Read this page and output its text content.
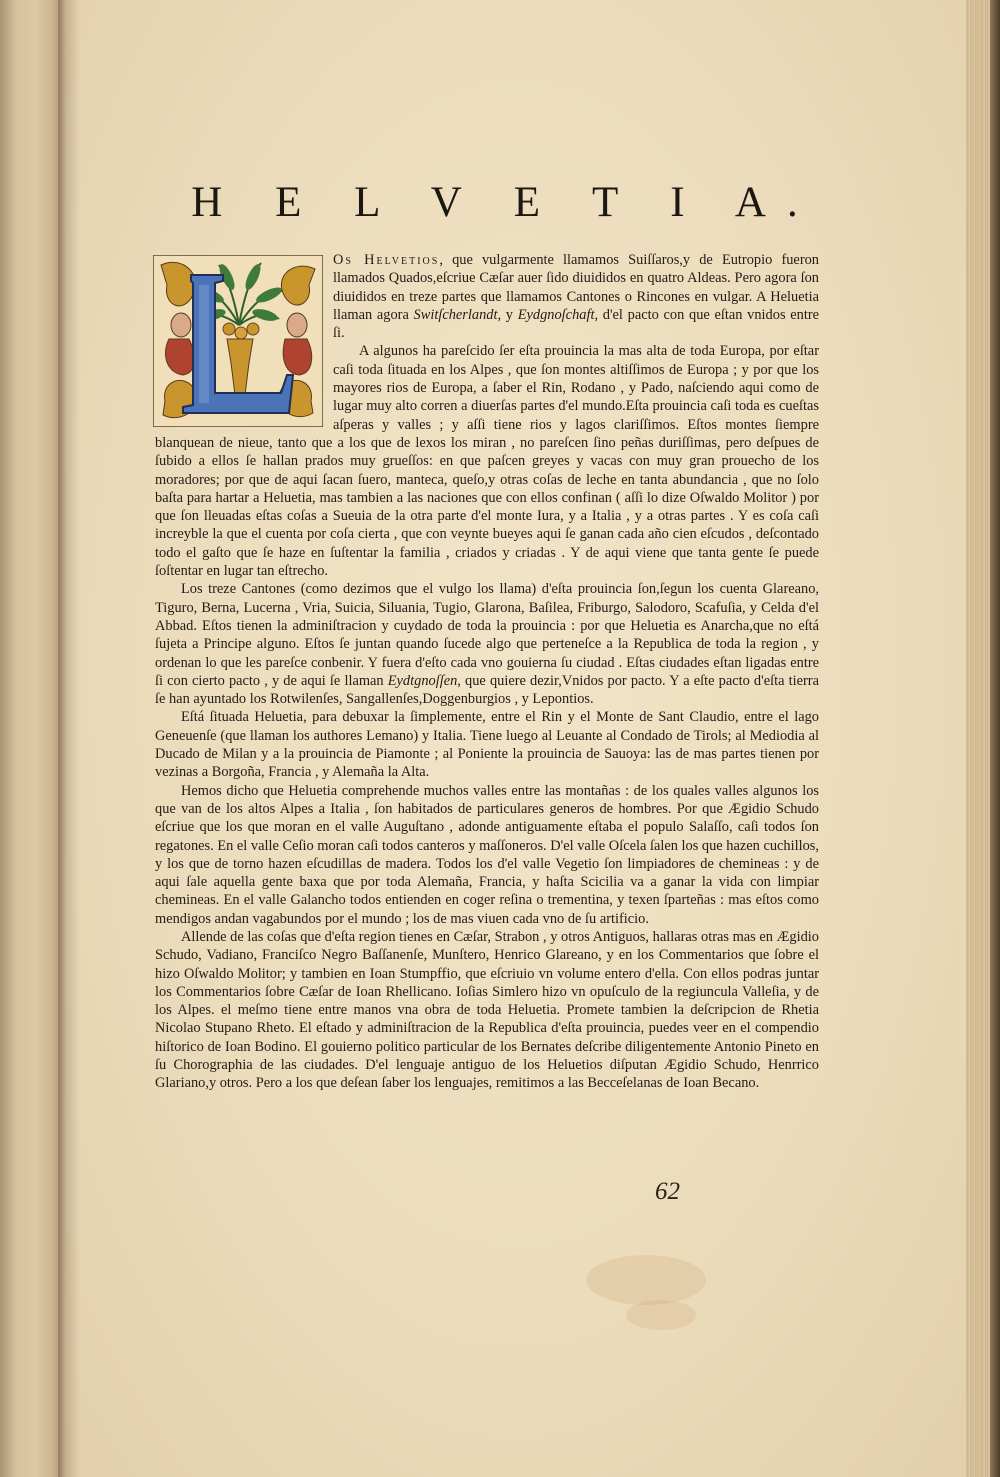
H E L V E T I A.

Os Helvetios, que vulgarmente llamamos Suiſſaros,y de Eutropio fueron llamados Quados,eſcriue Cæſar auer ſido diuididos en quatro Aldeas. Pero agora ſon diuididos en treze partes que llamamos Cantones o Rincones en vulgar. A Heluetia llaman agora Switſcherlandt, y Eydgnoſchaft, d'el pacto con que eſtan vnidos entre ſi.

A algunos ha pareſcido ſer eſta prouincia la mas alta de toda Europa, por eſtar caſi toda ſituada en los Alpes , que ſon montes altiſſimos de Europa ; y por que los mayores rios de Europa, a ſaber el Rin, Rodano , y Pado, naſciendo aqui como de lugar muy alto corren a diuerſas partes d'el mundo.Eſta prouincia caſi toda es cueſtas aſperas y valles ; y aſſi tiene rios y lagos clariſſimos. Eſtos montes ſiempre blanquean de nieue, tanto que a los que de lexos los miran , no pareſcen ſino peñas duriſſimas, pero deſpues de ſubido a ellos ſe hallan prados muy grueſſos: en que paſcen greyes y vacas con muy gran prouecho de los moradores; por que de aqui ſacan ſuero, manteca, queſo,y otras coſas de leche en tanta abundancia , que no ſolo baſta para hartar a Heluetia, mas tambien a las naciones que con ellos confinan ( aſſi lo dize Oſwaldo Molitor ) por que ſon lleuadas eſtas coſas a Sueuia de la otra parte d'el monte Iura, y a Italia , y a otras partes . Y es coſa caſi increyble la que el cuenta por coſa cierta , que con veynte bueyes aqui ſe ganan cada año cien eſcudos , deſcontado todo el gaſto que ſe haze en ſuſtentar la familia , criados y criadas . Y de aqui viene que tanta gente ſe puede ſoſtentar en lugar tan eſtrecho.

Los treze Cantones (como dezimos que el vulgo los llama) d'eſta prouincia ſon,ſegun los cuenta Glareano, Tiguro, Berna, Lucerna , Vria, Suicia, Siluania, Tugio, Glarona, Baſilea, Friburgo, Salodoro, Scafuſia, y Celda d'el Abbad. Eſtos tienen la adminiſtracion y cuydado de toda la prouincia : por que Heluetia es Anarcha,que no eſtá ſujeta a Principe alguno. Eſtos ſe juntan quando ſucede algo que perteneſce a la Republica de toda la region , y ordenan lo que les pareſce conbenir. Y fuera d'eſto cada vno gouierna ſu ciudad . Eſtas ciudades eſtan ligadas entre ſi con cierto pacto , y de aqui ſe llaman Eydtgnoſſen, que quiere dezir,Vnidos por pacto. Y a eſte pacto d'eſta tierra ſe han ayuntado los Rotwilenſes, Sangallenſes,Doggenburgios , y Lepontios.

Eſtá ſituada Heluetia, para debuxar la ſimplemente, entre el Rin y el Monte de Sant Claudio, entre el lago Geneuenſe (que llaman los authores Lemano) y Italia. Tiene luego al Leuante al Condado de Tirols; al Mediodia al Ducado de Milan y a la prouincia de Piamonte ; al Poniente la prouincia de Sauoya: las de mas partes tienen por vezinas a Borgoña, Francia , y Alemaña la Alta.

Hemos dicho que Heluetia comprehende muchos valles entre las montañas : de los quales valles algunos los que van de los altos Alpes a Italia , ſon habitados de particulares generos de hombres. Por que Ægidio Schudo eſcriue que los que moran en el valle Auguſtano , adonde antiguamente eſtaba el populo Salaſſo, caſi todos ſon regatones. En el valle Ceſio moran caſi todos canteros y maſſoneros. D'el valle Oſcela ſalen los que hazen cuchillos, y los que de torno hazen eſcudillas de madera. Todos los d'el valle Vegetio ſon limpiadores de chemineas : y de aqui ſale aquella gente baxa que por toda Alemaña, Francia, y haſta Scicilia va a ganar la vida con limpiar chemineas. En el valle Galancho todos entienden en coger reſina o trementina, y texen ſparteñas : mas eſtos como mendigos andan vagabundos por el mundo ; los de mas viuen cada vno de ſu artificio.

Allende de las coſas que d'eſta region tienes en Cæſar, Strabon , y otros Antiguos, hallaras otras mas en Ægidio Schudo, Vadiano, Franciſco Negro Baſſanenſe, Munſtero, Henrico Glareano, y en los Commentarios que ſobre el hizo Oſwaldo Molitor; y tambien en Ioan Stumpffio, que eſcriuio vn volume entero d'ella. Con ellos podras juntar los Commentarios ſobre Cæſar de Ioan Rhellicano. Ioſias Simlero hizo vn opuſculo de la regiuncula Valleſia, y de los Alpes. el meſmo tiene entre manos vna obra de toda Heluetia. Promete tambien la deſcripcion de Rhetia Nicolao Stupano Rheto. El eſtado y adminiſtracion de la Republica d'eſta prouincia, puedes veer en el compendio hiſtorico de Ioan Bodino. El gouierno politico particular de los Bernates deſcribe diligentemente Antonio Pineto en ſu Chorographia de las ciudades. D'el lenguaje antiguo de los Heluetios diſputan Ægidio Schudo, Henrrico Glariano,y otros. Pero a los que deſean ſaber los lenguajes, remitimos a las Becceſelanas de Ioan Becano.

62
